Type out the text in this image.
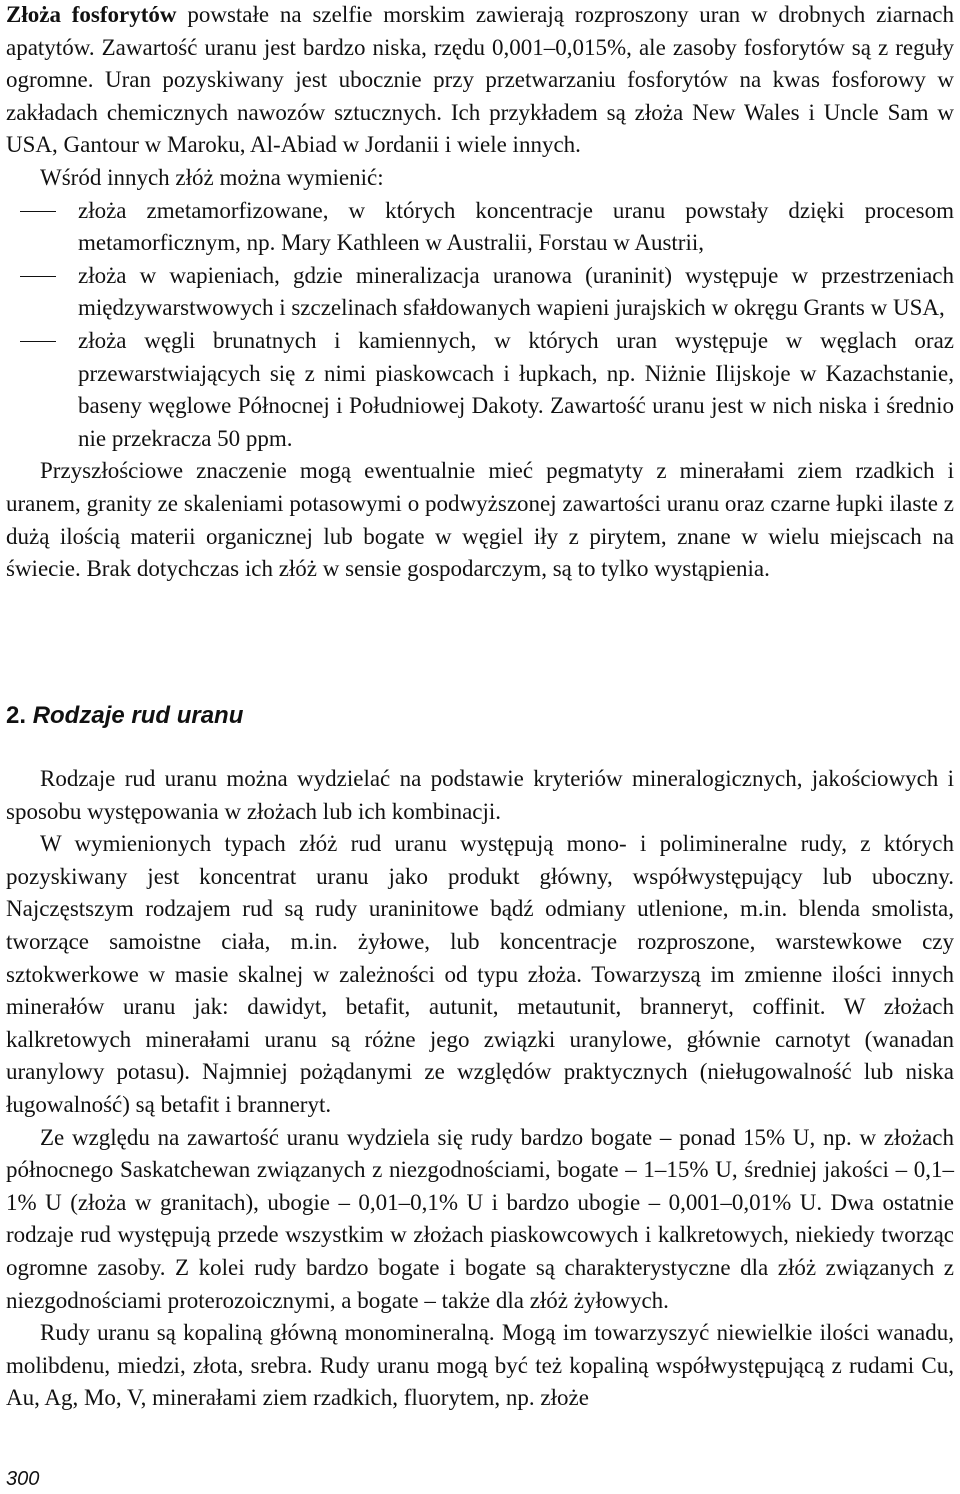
Złoża fosforytów powstałe na szelfie morskim zawierają rozproszony uran w drobnych ziarnach apatytów. Zawartość uranu jest bardzo niska, rzędu 0,001–0,015%, ale zasoby fosforytów są z reguły ogromne. Uran pozyskiwany jest ubocznie przy przetwarzaniu fosforytów na kwas fosforowy w zakładach chemicznych nawozów sztucznych. Ich przykładem są złoża New Wales i Uncle Sam w USA, Gantour w Maroku, Al-Abiad w Jordanii i wiele innych.

Wśród innych złóż można wymienić:

złoża zmetamorfizowane, w których koncentracje uranu powstały dzięki procesom metamorficznym, np. Mary Kathleen w Australii, Forstau w Austrii,
złoża w wapieniach, gdzie mineralizacja uranowa (uraninit) występuje w przestrzeniach międzywarstwowych i szczelinach sfałdowanych wapieni jurajskich w okręgu Grants w USA,
złoża węgli brunatnych i kamiennych, w których uran występuje w węglach oraz przewarstwiających się z nimi piaskowcach i łupkach, np. Niżnie Ilijskoje w Kazachstanie, baseny węglowe Północnej i Południowej Dakoty. Zawartość uranu jest w nich niska i średnio nie przekracza 50 ppm.

Przyszłościowe znaczenie mogą ewentualnie mieć pegmatyty z minerałami ziem rzadkich i uranem, granity ze skaleniami potasowymi o podwyższonej zawartości uranu oraz czarne łupki ilaste z dużą ilością materii organicznej lub bogate w węgiel iły z pirytem, znane w wielu miejscach na świecie. Brak dotychczas ich złóż w sensie gospodarczym, są to tylko wystąpienia.

2. Rodzaje rud uranu

Rodzaje rud uranu można wydzielać na podstawie kryteriów mineralogicznych, jakościowych i sposobu występowania w złożach lub ich kombinacji.

W wymienionych typach złóż rud uranu występują mono- i polimineralne rudy, z których pozyskiwany jest koncentrat uranu jako produkt główny, współwystępujący lub uboczny. Najczęstszym rodzajem rud są rudy uraninitowe bądź odmiany utlenione, m.in. blenda smolista, tworzące samoistne ciała, m.in. żyłowe, lub koncentracje rozproszone, warstewkowe czy sztokwerkowe w masie skalnej w zależności od typu złoża. Towarzyszą im zmienne ilości innych minerałów uranu jak: dawidyt, betafit, autunit, metautunit, branneryt, coffinit. W złożach kalkretowych minerałami uranu są różne jego związki uranylowe, głównie carnotyt (wanadan uranylowy potasu). Najmniej pożądanymi ze względów praktycznych (nieługowalność lub niska ługowalność) są betafit i branneryt.

Ze względu na zawartość uranu wydziela się rudy bardzo bogate – ponad 15% U, np. w złożach północnego Saskatchewan związanych z niezgodnościami, bogate – 1–15% U, średniej jakości – 0,1–1% U (złoża w granitach), ubogie – 0,01–0,1% U i bardzo ubogie – 0,001–0,01% U. Dwa ostatnie rodzaje rud występują przede wszystkim w złożach piaskowcowych i kalkretowych, niekiedy tworząc ogromne zasoby. Z kolei rudy bardzo bogate i bogate są charakterystyczne dla złóż związanych z niezgodnościami proterozoicznymi, a bogate – także dla złóż żyłowych.

Rudy uranu są kopaliną główną monomineralną. Mogą im towarzyszyć niewielkie ilości wanadu, molibdenu, miedzi, złota, srebra. Rudy uranu mogą być też kopaliną współwystępującą z rudami Cu, Au, Ag, Mo, V, minerałami ziem rzadkich, fluorytem, np. złoże

300
